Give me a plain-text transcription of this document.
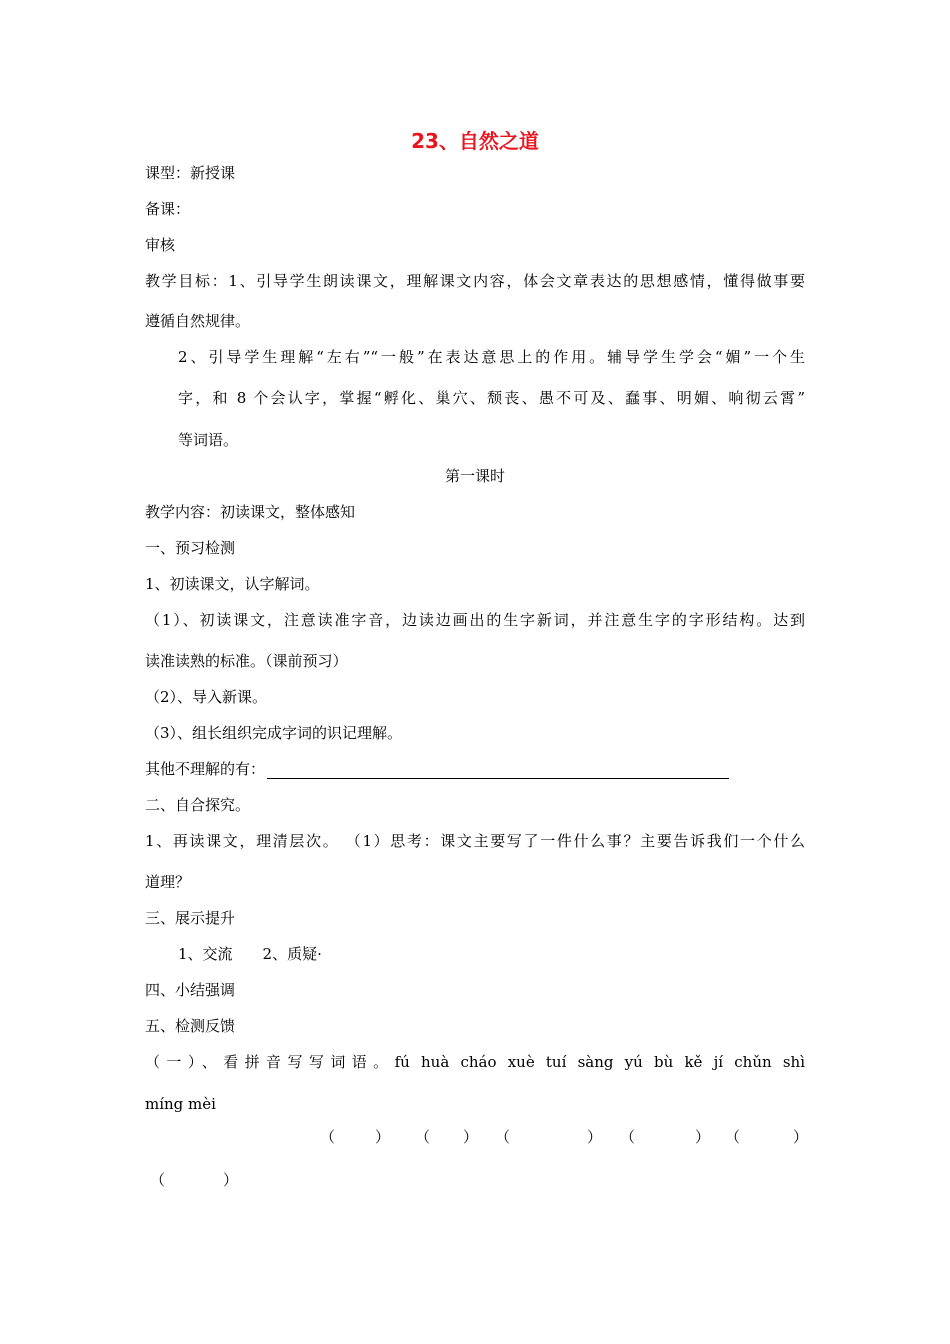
23、自然之道
课型：新授课
备课：
审核
教学目标：1、引导学生朗读课文，理解课文内容，体会文章表达的思想感情，懂得做事要
遵循自然规律。
2、引导学生理解“左右”“一般”在表达意思上的作用。辅导学生学会“媚”一个生
字，和 8 个会认字，掌握“孵化、巢穴、颓丧、愚不可及、蠢事、明媚、响彻云霄”
等词语。
第一课时
教学内容：初读课文，整体感知
一、预习检测
1、初读课文，认字解词。
（1）、初读课文，注意读准字音，边读边画出的生字新词，并注意生字的字形结构。达到
读准读熟的标准。（课前预习）
（2）、导入新课。
（3）、组长组织完成字词的识记理解。
其他不理解的有：
二、自合探究。
1、再读课文，理清层次。 （1）思考：课文主要写了一件什么事？主要告诉我们一个什么
道理？
三、展示提升
1、交流 2、质疑·
四、小结强调
五、检测反馈
（一）、看拼音写写词语。fú huà cháo xuè tuí sàng yú bù kě jí chǔn shì
míng mèi
（	） （ ） （	） （	） （	）
（	）
